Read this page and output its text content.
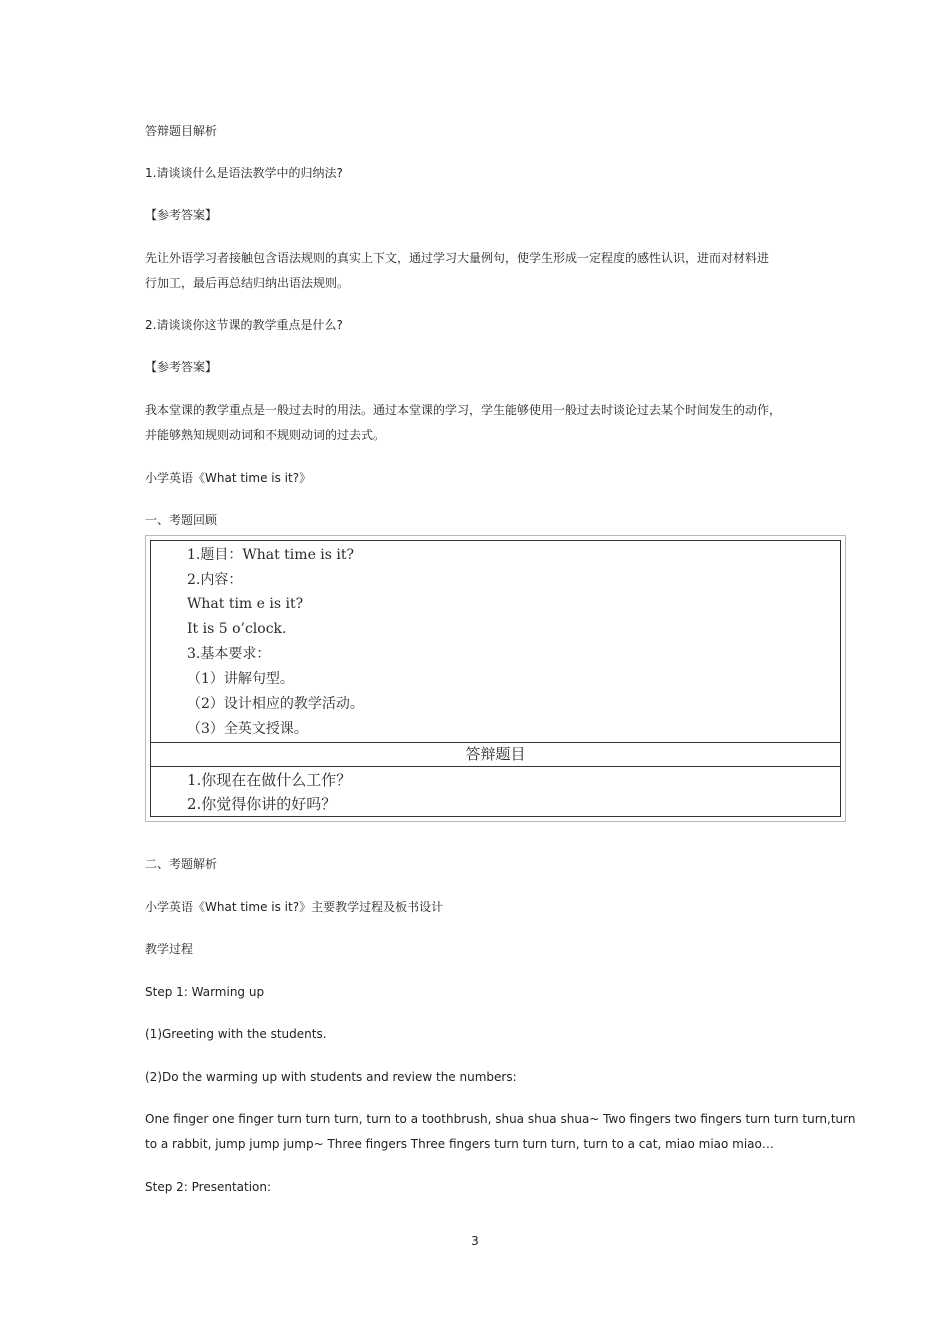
答辩题目解析
1.请谈谈什么是语法教学中的归纳法?
【参考答案】
先让外语学习者接触包含语法规则的真实上下文，通过学习大量例句，使学生形成一定程度的感性认识，进而对材料进
行加工，最后再总结归纳出语法规则。
2.请谈谈你这节课的教学重点是什么?
【参考答案】
我本堂课的教学重点是一般过去时的用法。通过本堂课的学习，学生能够使用一般过去时谈论过去某个时间发生的动作，
并能够熟知规则动词和不规则动词的过去式。
小学英语《What time is it?》
一、考题回顾
1.题目：What time is it?
2.内容：
What tim e is it?
It is 5 o’clock.
3.基本要求：
（1）讲解句型。
（2）设计相应的教学活动。
（3）全英文授课。
答辩题目
1.你现在在做什么工作？
2.你觉得你讲的好吗？
二、考题解析
小学英语《What time is it?》主要教学过程及板书设计
教学过程
Step 1: Warming up
(1)Greeting with the students.
(2)Do the warming up with students and review the numbers:
One finger one finger turn turn turn, turn to a toothbrush, shua shua shua~ Two fingers two fingers turn turn turn,turn
to a rabbit, jump jump jump~ Three fingers Three fingers turn turn turn, turn to a cat, miao miao miao…
Step 2: Presentation:
3
